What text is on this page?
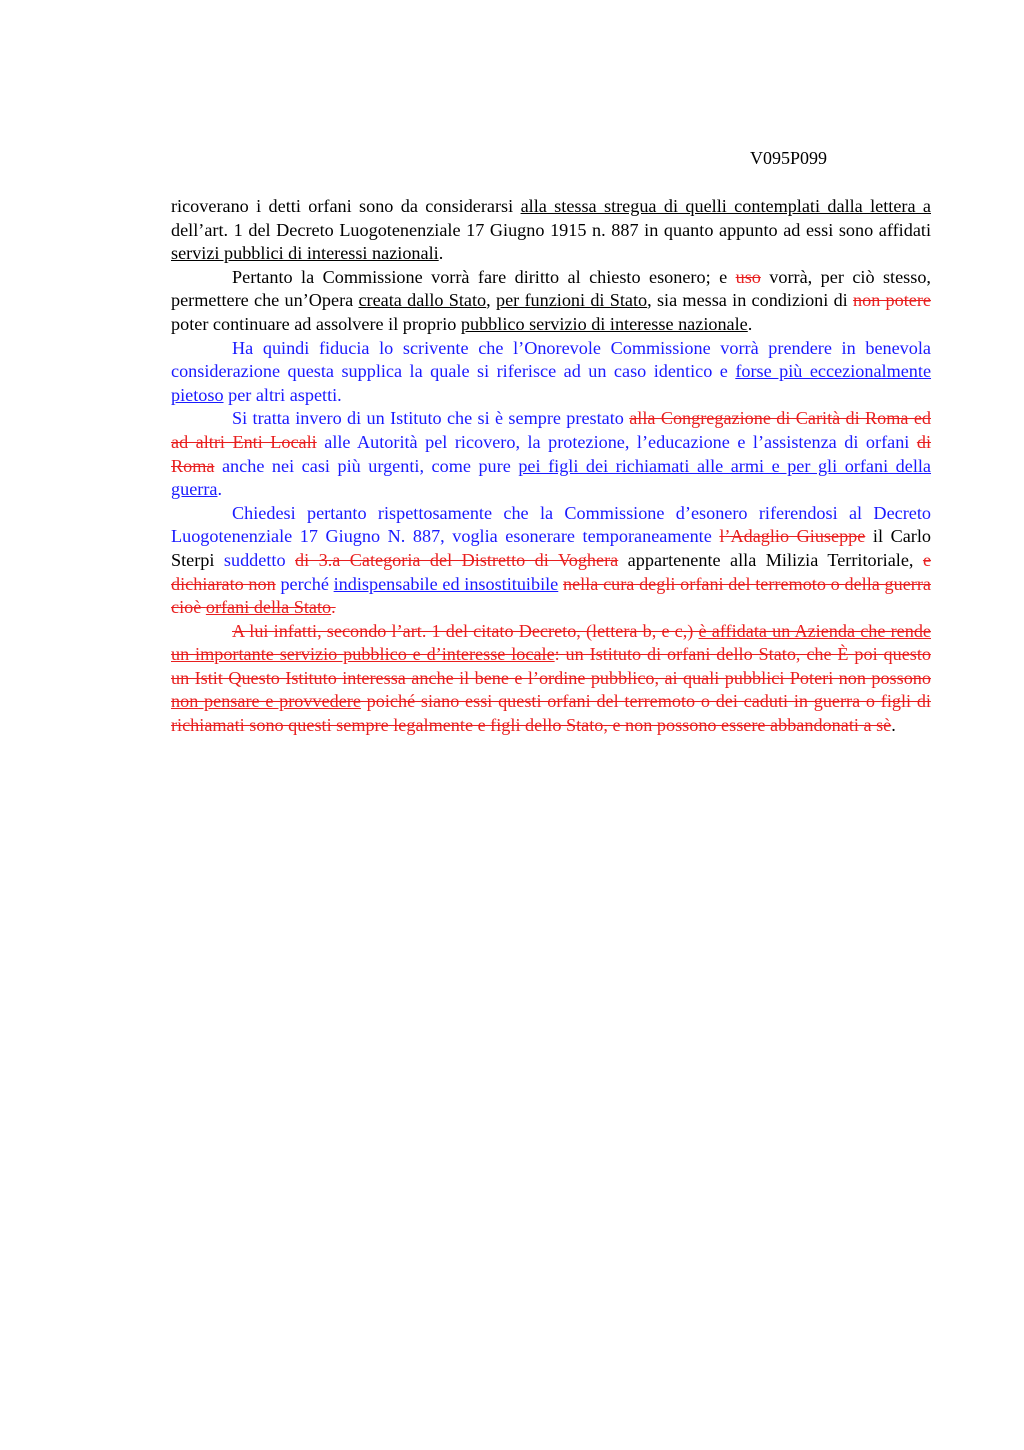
V095P099

ricoverano i detti orfani sono da considerarsi alla stessa stregua di quelli contemplati dalla lettera a dell’art. 1 del Decreto Luogotenenziale 17 Giugno 1915 n. 887 in quanto appunto ad essi sono affidati servizi pubblici di interessi nazionali.

Pertanto la Commissione vorrà fare diritto al chiesto esonero; e uso vorrà, per ciò stesso, permettere che un’Opera creata dallo Stato, per funzioni di Stato, sia messa in condizioni di non potere poter continuare ad assolvere il proprio pubblico servizio di interesse nazionale.

Ha quindi fiducia lo scrivente che l’Onorevole Commissione vorrà prendere in benevola considerazione questa supplica la quale si riferisce ad un caso identico e forse più eccezionalmente pietoso per altri aspetti.

Si tratta invero di un Istituto che si è sempre prestato alla Congregazione di Carità di Roma ed ad altri Enti Locali alle Autorità pel ricovero, la protezione, l’educazione e l’assistenza di orfani di Roma anche nei casi più urgenti, come pure pei figli dei richiamati alle armi e per gli orfani della guerra.

Chiedesi pertanto rispettosamente che la Commissione d’esonero riferendosi al Decreto Luogotenenziale 17 Giugno N. 887, voglia esonerare temporaneamente l’Adaglio Giuseppe il Carlo Sterpi suddetto di 3.a Categoria del Distretto di Voghera appartenente alla Milizia Territoriale, e dichiarato non perché indispensabile ed insostituibile nella cura degli orfani del terremoto o della guerra cioè orfani della Stato.

A lui infatti, secondo l’art. 1 del citato Decreto, (lettera b, e c,) è affidata un Azienda che rende un importante servizio pubblico e d’interesse locale: un Istituto di orfani dello Stato, che È poi questo un Istit Questo Istituto interessa anche il bene e l’ordine pubblico, ai quali pubblici Poteri non possono non pensare e provvedere poiché siano essi questi orfani del terremoto o dei caduti in guerra o figli di richiamati sono questi sempre legalmente e figli dello Stato, e non possono essere abbandonati a sè.
